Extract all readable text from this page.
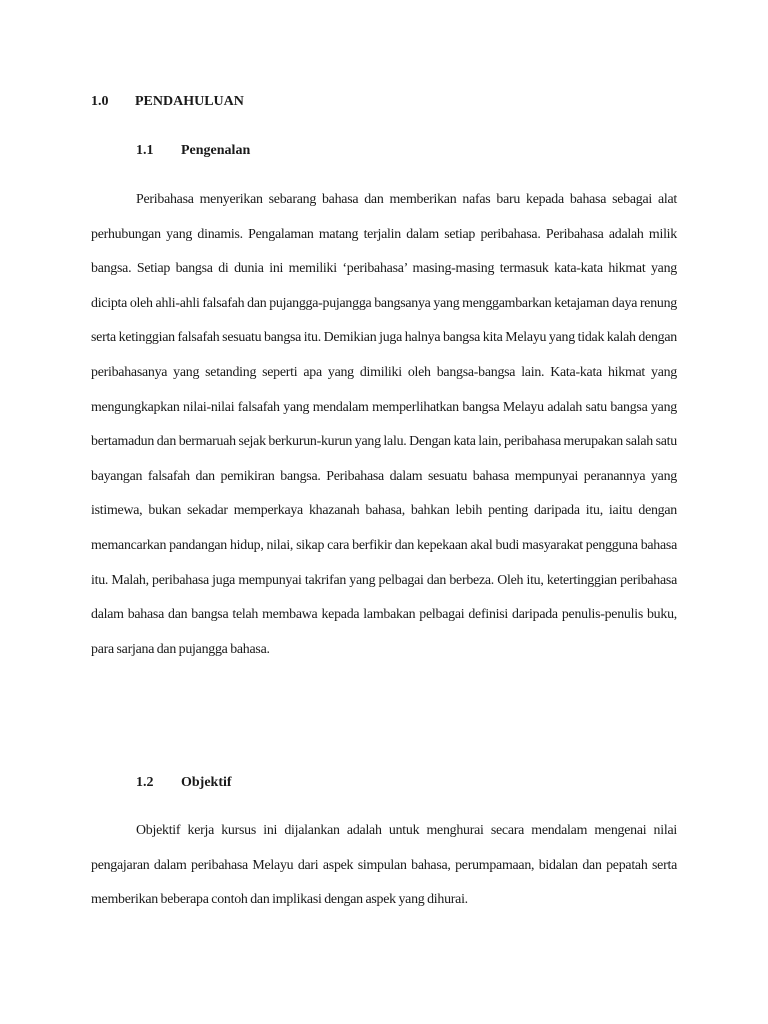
1.0 PENDAHULUAN
1.1 Pengenalan

Peribahasa menyerikan sebarang bahasa dan memberikan nafas baru kepada bahasa sebagai alat perhubungan yang dinamis. Pengalaman matang terjalin dalam setiap peribahasa. Peribahasa adalah milik bangsa. Setiap bangsa di dunia ini memiliki ‘peribahasa’ masing-masing termasuk kata-kata hikmat yang dicipta oleh ahli-ahli falsafah dan pujangga-pujangga bangsanya yang menggambarkan ketajaman daya renung serta ketinggian falsafah sesuatu bangsa itu. Demikian juga halnya bangsa kita Melayu yang tidak kalah dengan peribahasanya yang setanding seperti apa yang dimiliki oleh bangsa-bangsa lain. Kata-kata hikmat yang mengungkapkan nilai-nilai falsafah yang mendalam memperlihatkan bangsa Melayu adalah satu bangsa yang bertamadun dan bermaruah sejak berkurun-kurun yang lalu. Dengan kata lain, peribahasa merupakan salah satu bayangan falsafah dan pemikiran bangsa. Peribahasa dalam sesuatu bahasa mempunyai peranannya yang istimewa, bukan sekadar memperkaya khazanah bahasa, bahkan lebih penting daripada itu, iaitu dengan memancarkan pandangan hidup, nilai, sikap cara berfikir dan kepekaan akal budi masyarakat pengguna bahasa itu. Malah, peribahasa juga mempunyai takrifan yang pelbagai dan berbeza. Oleh itu, ketertinggian peribahasa dalam bahasa dan bangsa telah membawa kepada lambakan pelbagai definisi daripada penulis-penulis buku, para sarjana dan pujangga bahasa.

1.2 Objektif

Objektif kerja kursus ini dijalankan adalah untuk menghurai secara mendalam mengenai nilai pengajaran dalam peribahasa Melayu dari aspek simpulan bahasa, perumpamaan, bidalan dan pepatah serta memberikan beberapa contoh dan implikasi dengan aspek yang dihurai.
